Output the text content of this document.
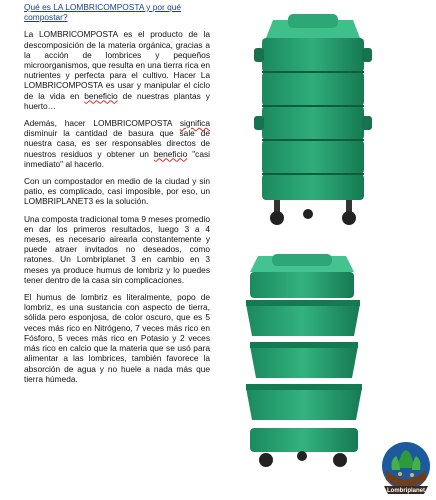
Qué es LA LOMBRICOMPOSTA y por qué compostar?
La LOMBRICOMPOSTA es el producto de la descomposición de la materia orgánica, gracias a la acción de lombrices y pequeños microorganismos, que resulta en una tierra rica en nutrientes y perfecta para el cultivo. Hacer La LOMBRICOMPOSTA es usar y manipular el ciclo de la vida en beneficio de nuestras plantas y huerto…
Además, hacer LOMBRICOMPOSTA significa disminuir la cantidad de basura que sale de nuestra casa, es ser responsables directos de nuestros residuos y obtener un beneficio "casi inmediato" al hacerlo.
Con un compostador en medio de la ciudad y sin patio, es complicado, casi imposible, por eso, un LOMBRIPLANET3 es la solución.
Una composta tradicional toma 9 meses promedio en dar los primeros resultados, luego 3 a 4 meses, es necesario airearla constantemente y puede atraer invitados no deseados, como ratones. Un Lombriplanet 3 en cambio en 3 meses ya produce humus de lombriz y lo puedes tener dentro de la casa sin complicaciones.
El humus de lombriz es literalmente, popo de lombriz, es una sustancia con aspecto de tierra, sólida pero esponjosa, de color oscuro, que es 5 veces más rico en Nitrógeno, 7 veces más rico en Fósforo, 5 veces más rico en Potasio y 2 veces más rico en calcio que la materia que se usó para alimentar a las lombrices, también favorece la absorción de agua y no huele a nada más que tierra húmeda.
Lombriplanet
